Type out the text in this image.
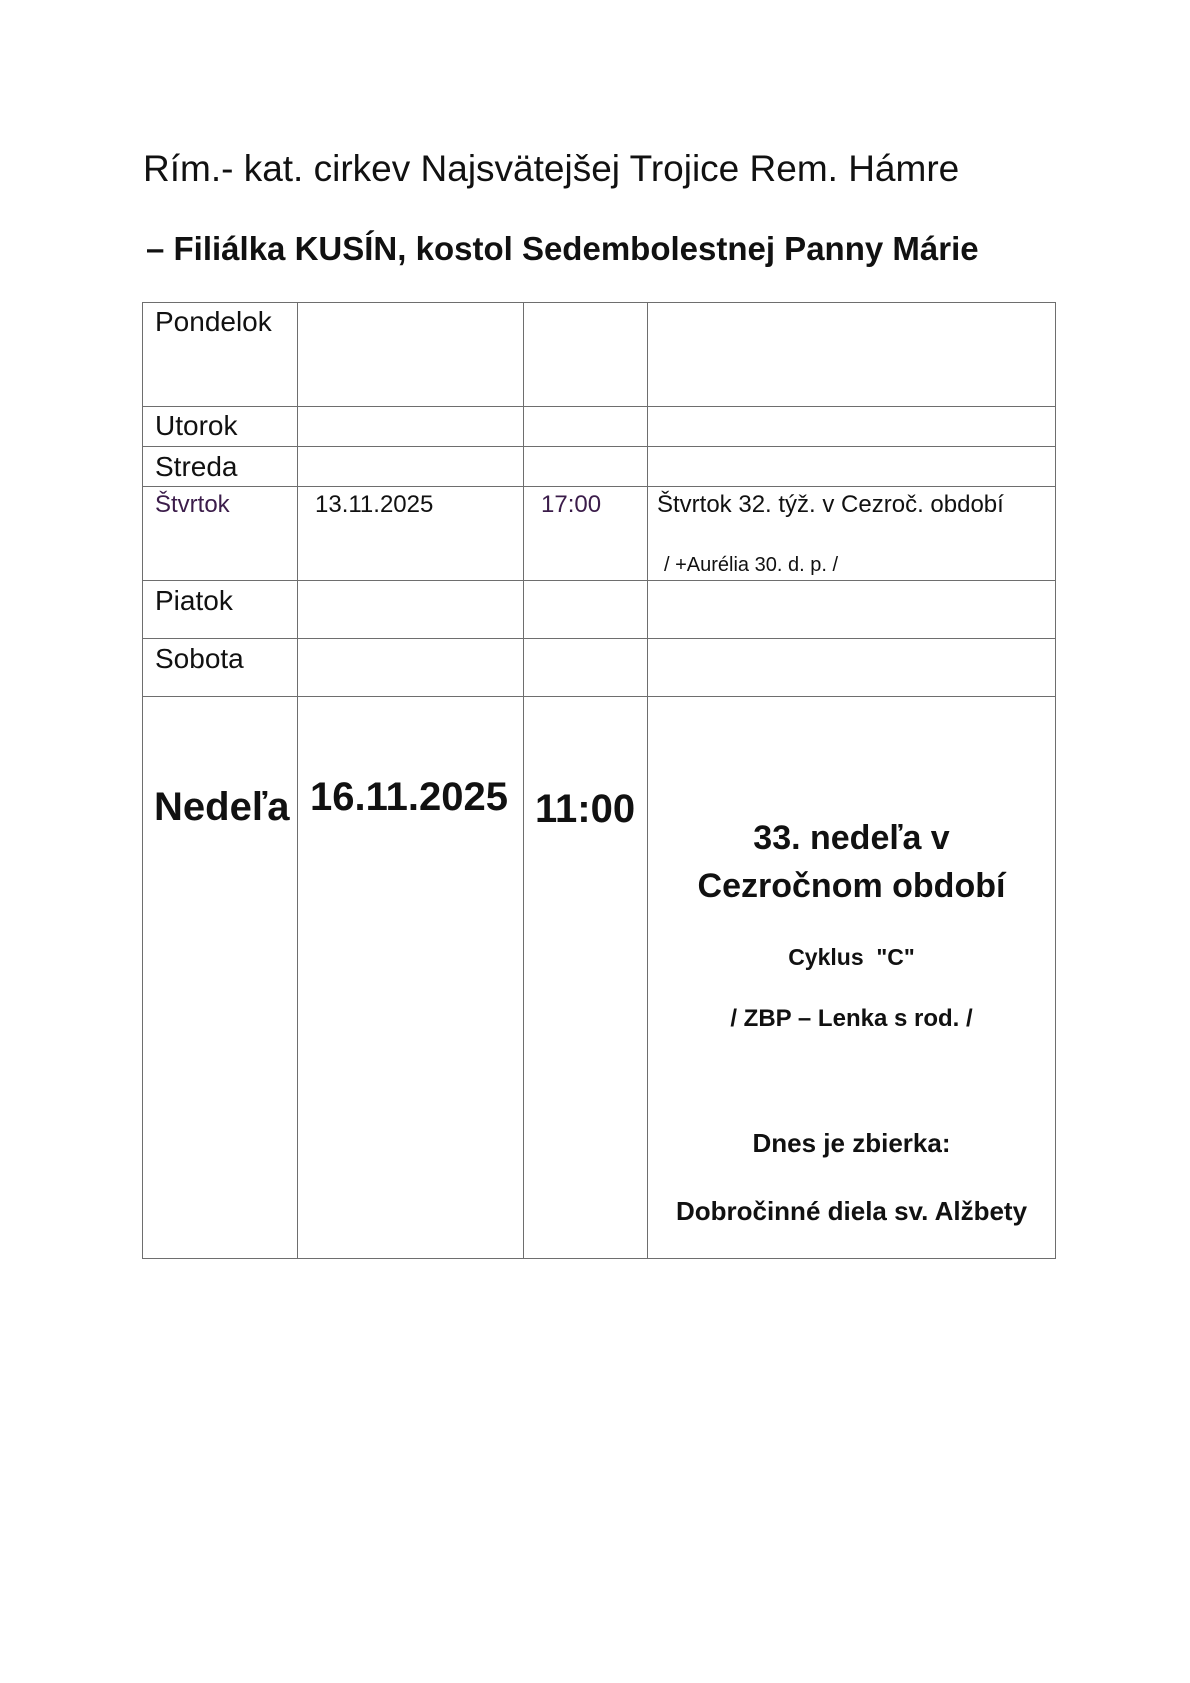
Rím.- kat. cirkev Najsvätejšej Trojice Rem. Hámre
– Filiálka KUSÍN, kostol Sedembolestnej Panny Márie
Pondelok
Utorok
Streda
Štvrtok	13.11.2025	17:00 Štvrtok 32. týž. v Cezroč. období
/ +Aurélia 30. d. p. /
Piatok
Sobota
Nedeľa 16.11.2025 11:00
33. nedeľa v
Cezročnom období
Cyklus  "C"
/ ZBP – Lenka s rod. /
Dnes je zbierka:
Dobročinné diela sv. Alžbety
